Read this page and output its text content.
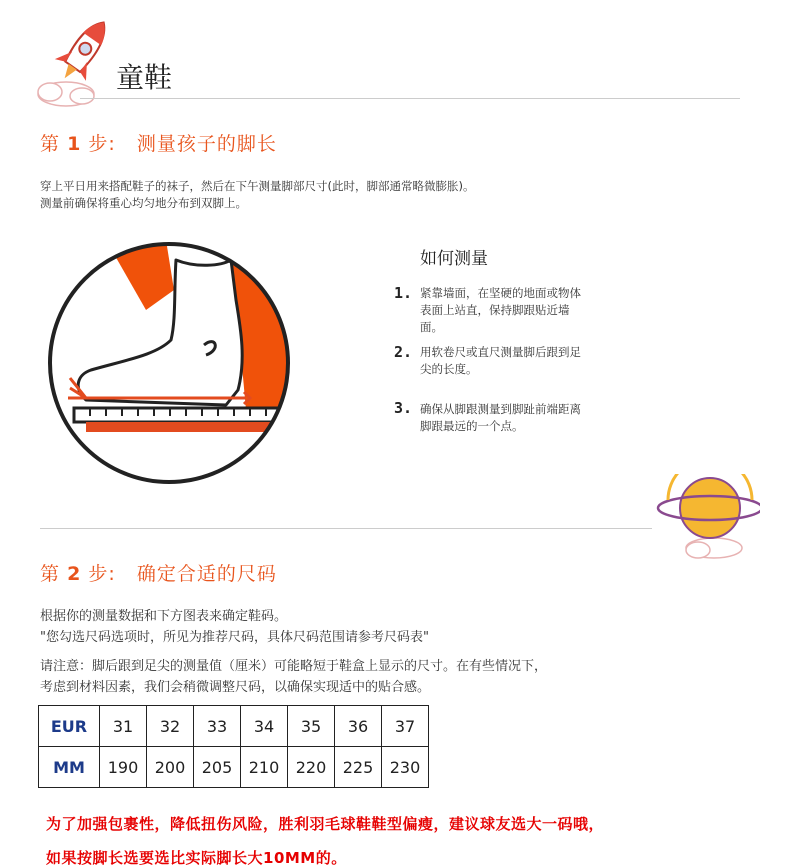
童鞋
第 1 步: 测量孩子的脚长
穿上平日用来搭配鞋子的袜子，然后在下午测量脚部尺寸(此时，脚部通常略微膨胀)。
测量前确保将重心均匀地分布到双脚上。
如何测量
1. 紧靠墙面，在坚硬的地面或物体
表面上站直，保持脚跟贴近墙
面。
2. 用软卷尺或直尺测量脚后跟到足
尖的长度。
3. 确保从脚跟测量到脚趾前端距离
脚跟最远的一个点。
第 2 步: 确定合适的尺码
根据你的测量数据和下方图表来确定鞋码。
"您勾选尺码选项时，所见为推荐尺码，具体尺码范围请参考尺码表"
请注意：脚后跟到足尖的测量值（厘米）可能略短于鞋盒上显示的尺寸。在有些情况下，
考虑到材料因素，我们会稍微调整尺码，以确保实现适中的贴合感。
EUR	31	32	33	34	35	36	37
MM	190	200	205	210	220	225	230
为了加强包裹性，降低扭伤风险，胜利羽毛球鞋鞋型偏瘦，建议球友选大一码哦，
如果按脚长选要选比实际脚长大10MM的。
